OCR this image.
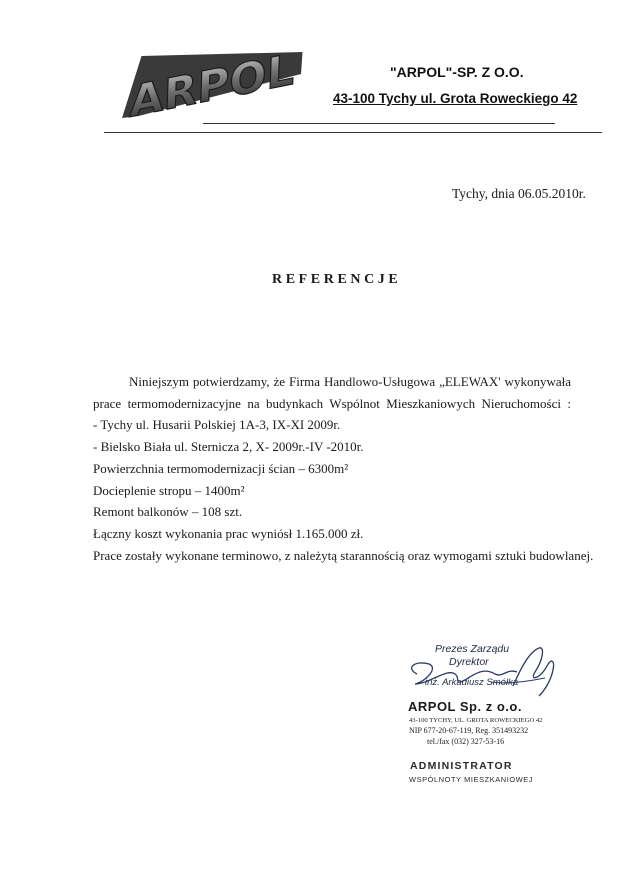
ARPOL	"ARPOL"-SP. Z O.O.
43-100 Tychy ul. Grota Roweckiego 42
Tychy, dnia 06.05.2010r.
REFERENCJE

Niniejszym potwierdzamy, że Firma Handlowo-Usługowa „ELEWAX' wykonywała prace termomodernizacyjne na budynkach Wspólnot Mieszkaniowych Nieruchomości :

- Tychy ul. Husarii Polskiej 1A-3, IX-XI 2009r.

- Bielsko Biała ul. Sternicza 2, X- 2009r.-IV -2010r.

Powierzchnia termomodernizacji ścian – 6300m²

Docieplenie stropu – 1400m²

Remont balkonów – 108 szt.

Łączny koszt wykonania prac wyniósł 1.165.000 zł.

Prace zostały wykonane terminowo, z należytą starannością oraz wymogami sztuki budowlanej.

Prezes Zarządu
Dyrektor
inż. Arkadiusz Smółka
ARPOL Sp. z o.o.
43-100 TYCHY, UL. GROTA ROWECKIEGO 42
NIP 677-20-67-119, Reg. 351493232
tel./fax (032) 327-53-16
ADMINISTRATOR
WSPÓLNOTY MIESZKANIOWEJ
